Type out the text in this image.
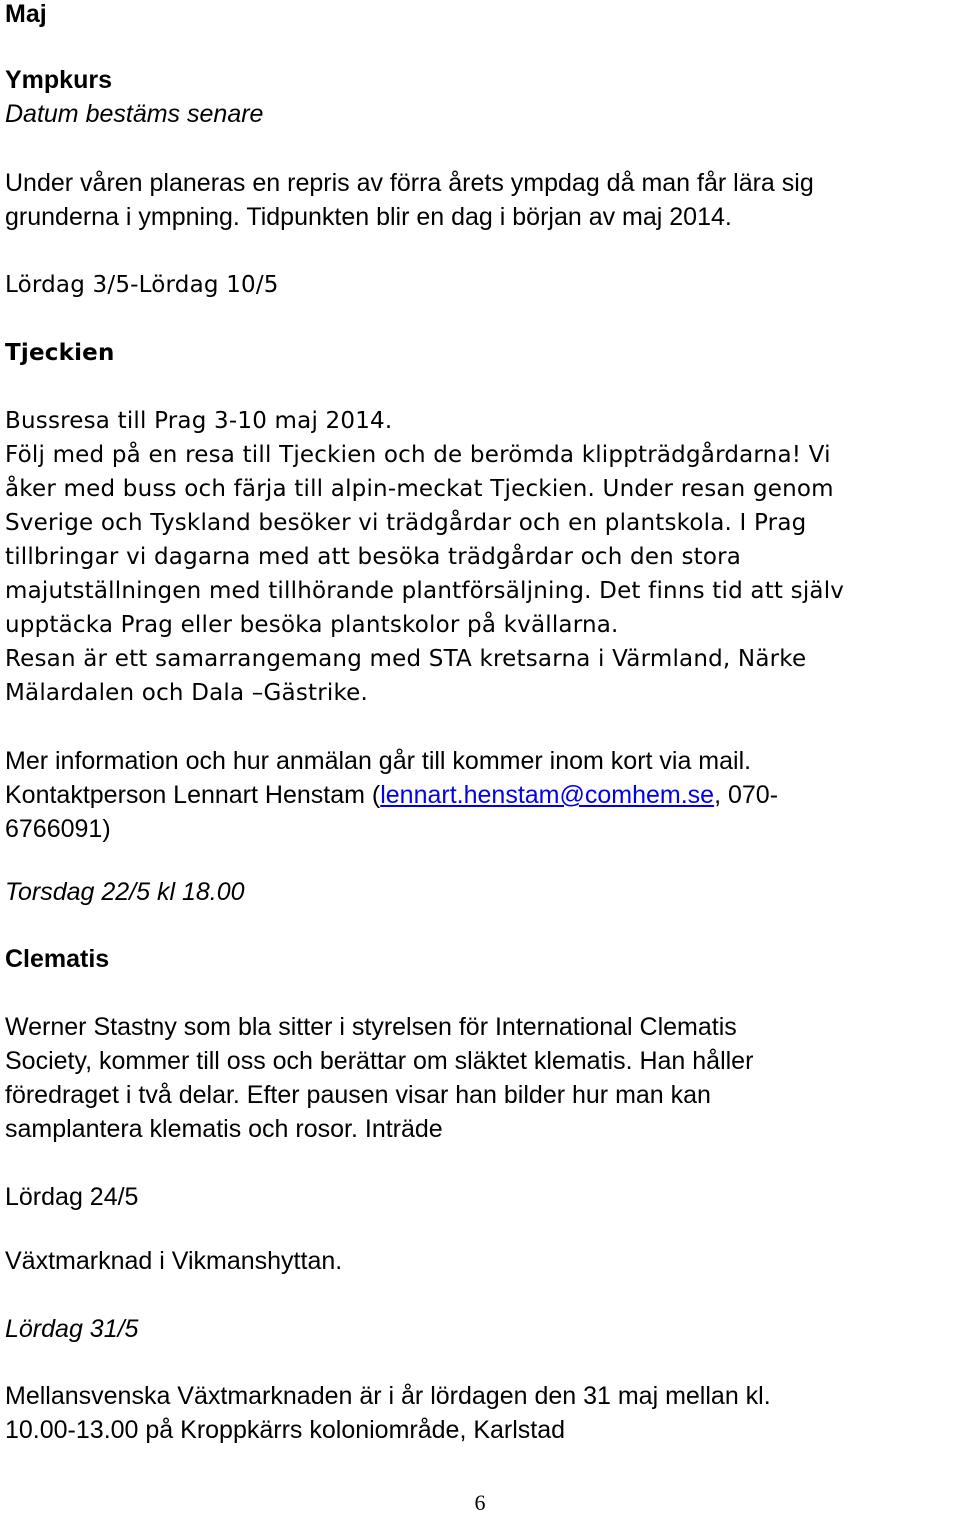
Maj

Ympkurs

Datum bestäms senare

Under våren planeras en repris av förra årets ympdag då man får lära sig

grunderna i ympning. Tidpunkten blir en dag i början av maj 2014.

Lördag 3/5-Lördag 10/5

Tjeckien

Bussresa till Prag 3-10 maj 2014.

Följ med på en resa till Tjeckien och de berömda klippträdgårdarna! Vi

åker med buss och färja till alpin-meckat Tjeckien. Under resan genom

Sverige och Tyskland besöker vi trädgårdar och en plantskola. I Prag

tillbringar vi dagarna med att besöka trädgårdar och den stora

majutställningen med tillhörande plantförsäljning. Det finns tid att själv

upptäcka Prag eller besöka plantskolor på kvällarna.

Resan är ett samarrangemang med STA kretsarna i Värmland, Närke

Mälardalen och Dala –Gästrike.

Mer information och hur anmälan går till kommer inom kort via mail.

Kontaktperson Lennart Henstam (lennart.henstam@comhem.se, 070-

6766091)

Torsdag 22/5 kl 18.00

Clematis

Werner Stastny som bla sitter i styrelsen för International Clematis

Society, kommer till oss och berättar om släktet klematis. Han håller

föredraget i två delar. Efter pausen visar han bilder hur man kan

samplantera klematis och rosor. Inträde

Lördag 24/5

Växtmarknad i Vikmanshyttan.

Lördag 31/5

Mellansvenska Växtmarknaden är i år lördagen den 31 maj mellan kl.

10.00-13.00 på Kroppkärrs koloniområde, Karlstad

6
